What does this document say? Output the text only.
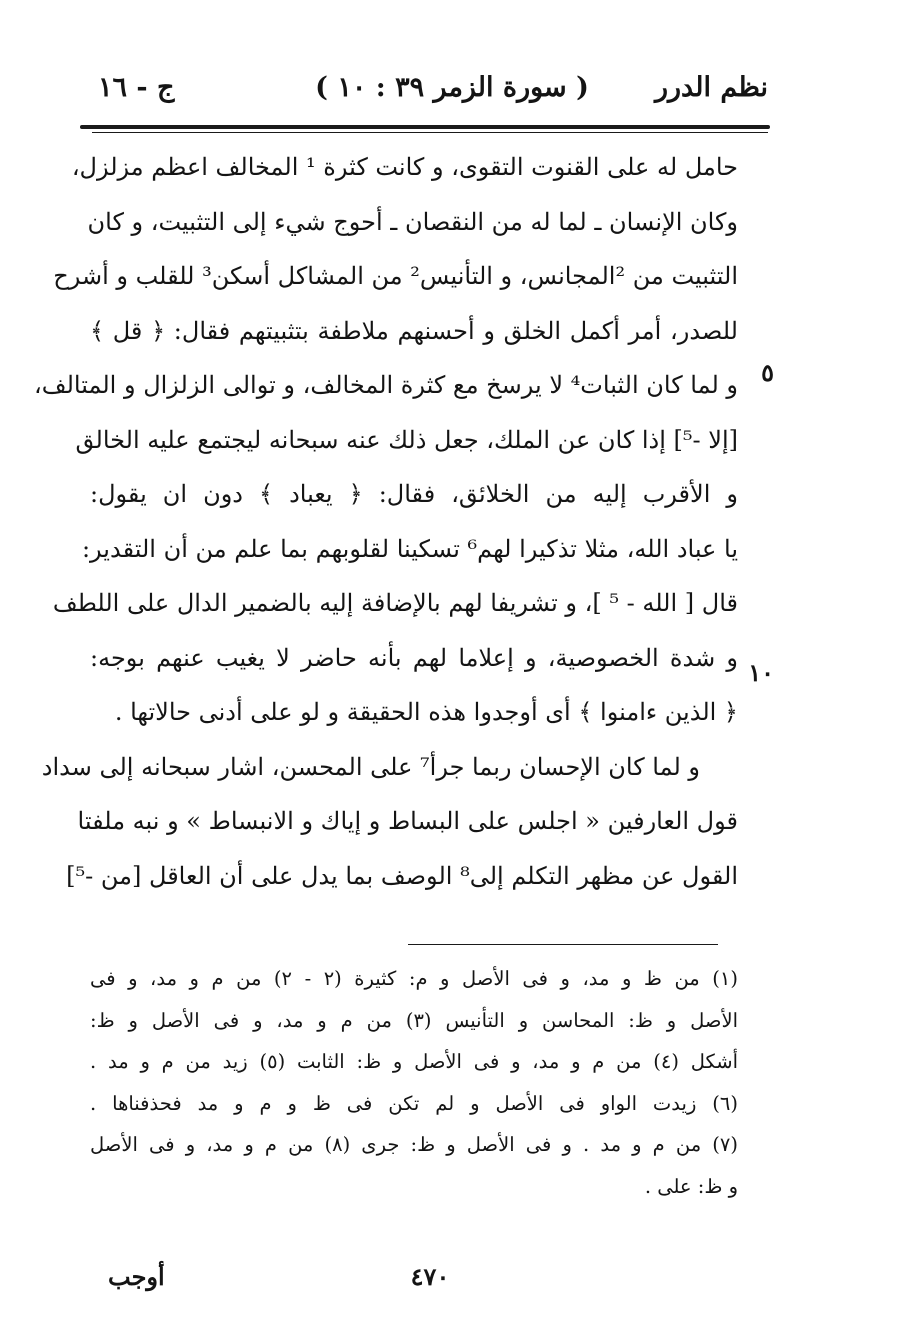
نظم الدرر
( سورة الزمر ٣٩ : ١٠ )
ج - ١٦
حامل له على القنوت التقوى، و كانت كثرة ¹ المخالف اعظم مزلزل،
وكان الإنسان ـ لما له من النقصان ـ أحوج شيء إلى التثبيت، و كان
التثبيت من ²المجانس، و التأنيس² من المشاكل أسكن³ للقلب و أشرح
للصدر، أمر أكمل الخلق و أحسنهم ملاطفة بتثبيتهم فقال: ﴿ قل ﴾
و لما كان الثبات⁴ لا يرسخ مع كثرة المخالف، و توالى الزلزال و المتالف،
[إلا -⁵] إذا كان عن الملك، جعل ذلك عنه سبحانه ليجتمع عليه الخالق
و الأقرب إليه من الخلائق، فقال: ﴿ يعباد ﴾ دون ان يقول:
يا عباد الله، مثلا تذكيرا لهم⁶ تسكينا لقلوبهم بما علم من أن التقدير:
قال [ الله - ⁵ ]، و تشريفا لهم بالإضافة إليه بالضمير الدال على اللطف
و شدة الخصوصية، و إعلاما لهم بأنه حاضر لا يغيب عنهم بوجه:
﴿ الذين ءامنوا ﴾ أى أوجدوا هذه الحقيقة و لو على أدنى حالاتها .
و لما كان الإحسان ربما جرأ⁷ على المحسن، اشار سبحانه إلى سداد
قول العارفين « اجلس على البساط و إياك و الانبساط » و نبه ملفتا
القول عن مظهر التكلم إلى⁸ الوصف بما يدل على أن العاقل [من -⁵]
٥
١٠
(١) من ظ و مد، و فى الأصل و م: كثيرة (٢ - ٢) من م و مد، و فى
الأصل و ظ: المحاسن و التأنيس (٣) من م و مد، و فى الأصل و ظ:
أشكل (٤) من م و مد، و فى الأصل و ظ: الثابت (٥) زيد من م و مد .
(٦) زيدت الواو فى الأصل و لم تكن فى ظ و م و مد فحذفناها .
(٧) من م و مد . و فى الأصل و ظ: جرى (٨) من م و مد، و فى الأصل
و ظ: على .
٤٧٠
أوجب
